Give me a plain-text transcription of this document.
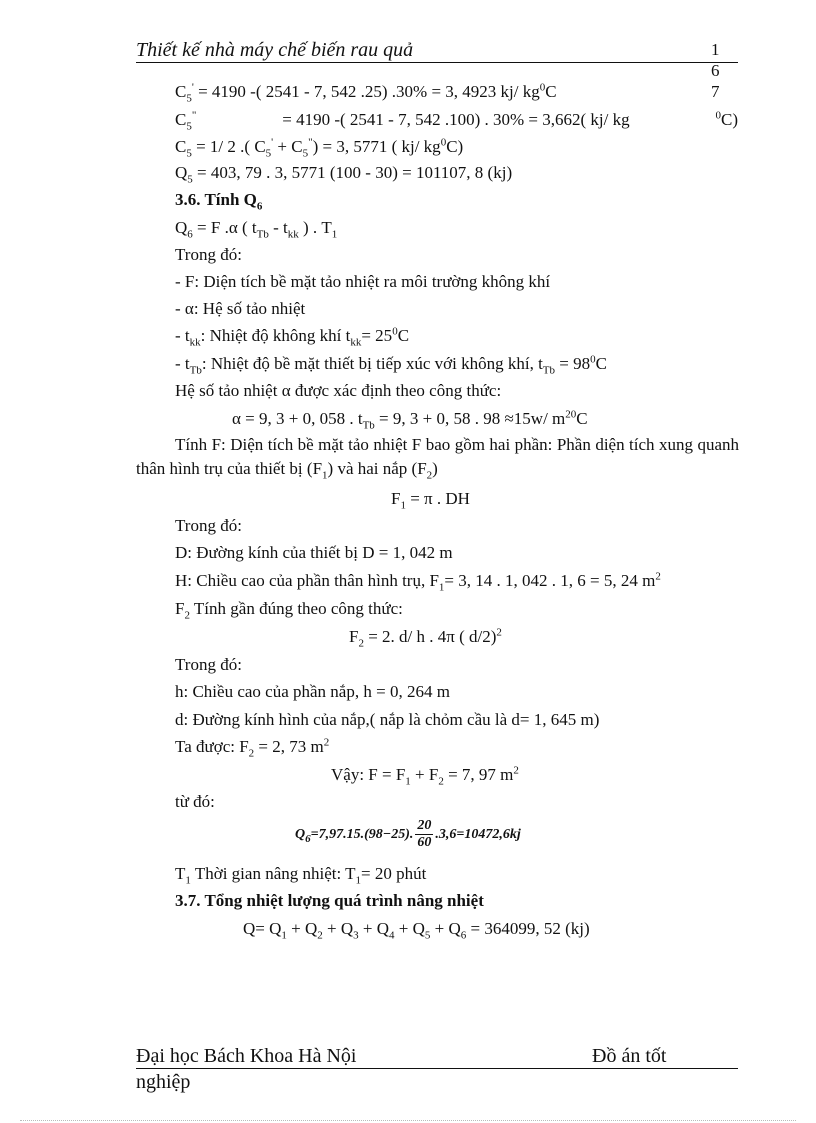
Thiết kế nhà máy chế biến rau quả	1
6
7
$C_5' = 4190$ -( 2541 - 7, 542 .25) .30% = 3, 4923 kj/ $kg^0C$
$C_5^"$	= 4190 -( 2541 - 7, 542 .100) . 30% = 3,662( kj/ kg	$^0$C)
$C_5 = 1/$ 2 .( $C_5' + C_5^") = 3$, 5771 ( kj/ $kg^0C$)
$Q_5 = 403$, 79 . 3, 5771 (100 - 30) = 101107, 8 (kj)
3.6. Tính $Q_6$
$Q_6 = F$ .α ( $t_{Tb} - t_{kk}$ ) . $T_1$
Trong đó:
- F: Diện tích bề mặt tảo nhiệt ra môi trường không khí
- α: Hệ số tảo nhiệt
- $t_{kk}$: Nhiệt độ không khí $t_{kk}= 25^0C$
- $t_{Tb}$: Nhiệt độ bề mặt thiết bị tiếp xúc với không khí, $t_{Tb} = 98^0C$
Hệ số tảo nhiệt α được xác định theo công thức:
α = 9, 3 + 0, 058 . $t_{Tb} = 9$, 3 + 0, 58 . 98 ≈15w/ $m^{20}C$
Tính F: Diện tích bề mặt tảo nhiệt F bao gồm hai phần: Phần diện tích xung quanh thân hình trụ của thiết bị $(F_1)$ và hai nắp $(F_2)$
$F_1 = \pi$ . DH
Trong đó:
D: Đường kính của thiết bị D = 1, 042 m
H: Chiều cao của phần thân hình trụ, $F_1= 3$, 14 . 1, 042 . 1, 6 = 5, 24 $m^2$
$F_2$ Tính gần đúng theo công thức:
$F_2 = 2$. d/ h . 4π ( d/2)$^2$
Trong đó:
h: Chiều cao của phần nắp, h = 0, 264 m
d: Đường kính hình của nắp,( nắp là chỏm cầu là d= 1, 645 m)
Ta được: $F_2 = 2$, 73 $m^2$
Vậy: $F = F_1 + F_2 = 7$, 97 $m^2$
từ đó:
$Q_6 =7,97.15.(98-25)$. $\frac{20}{60} .3,6=10472,6$ kj
$T_1$ Thời gian nâng nhiệt: $T_1= 20$ phút
3.7. Tổng nhiệt lượng quá trình nâng nhiệt
$Q= Q_1 + Q_2 + Q_3 + Q_4 + Q_5 + Q_6 = 364099$, 52 (kj)
Đại học Bách Khoa Hà Nội	Đồ án tốt
nghiệp
